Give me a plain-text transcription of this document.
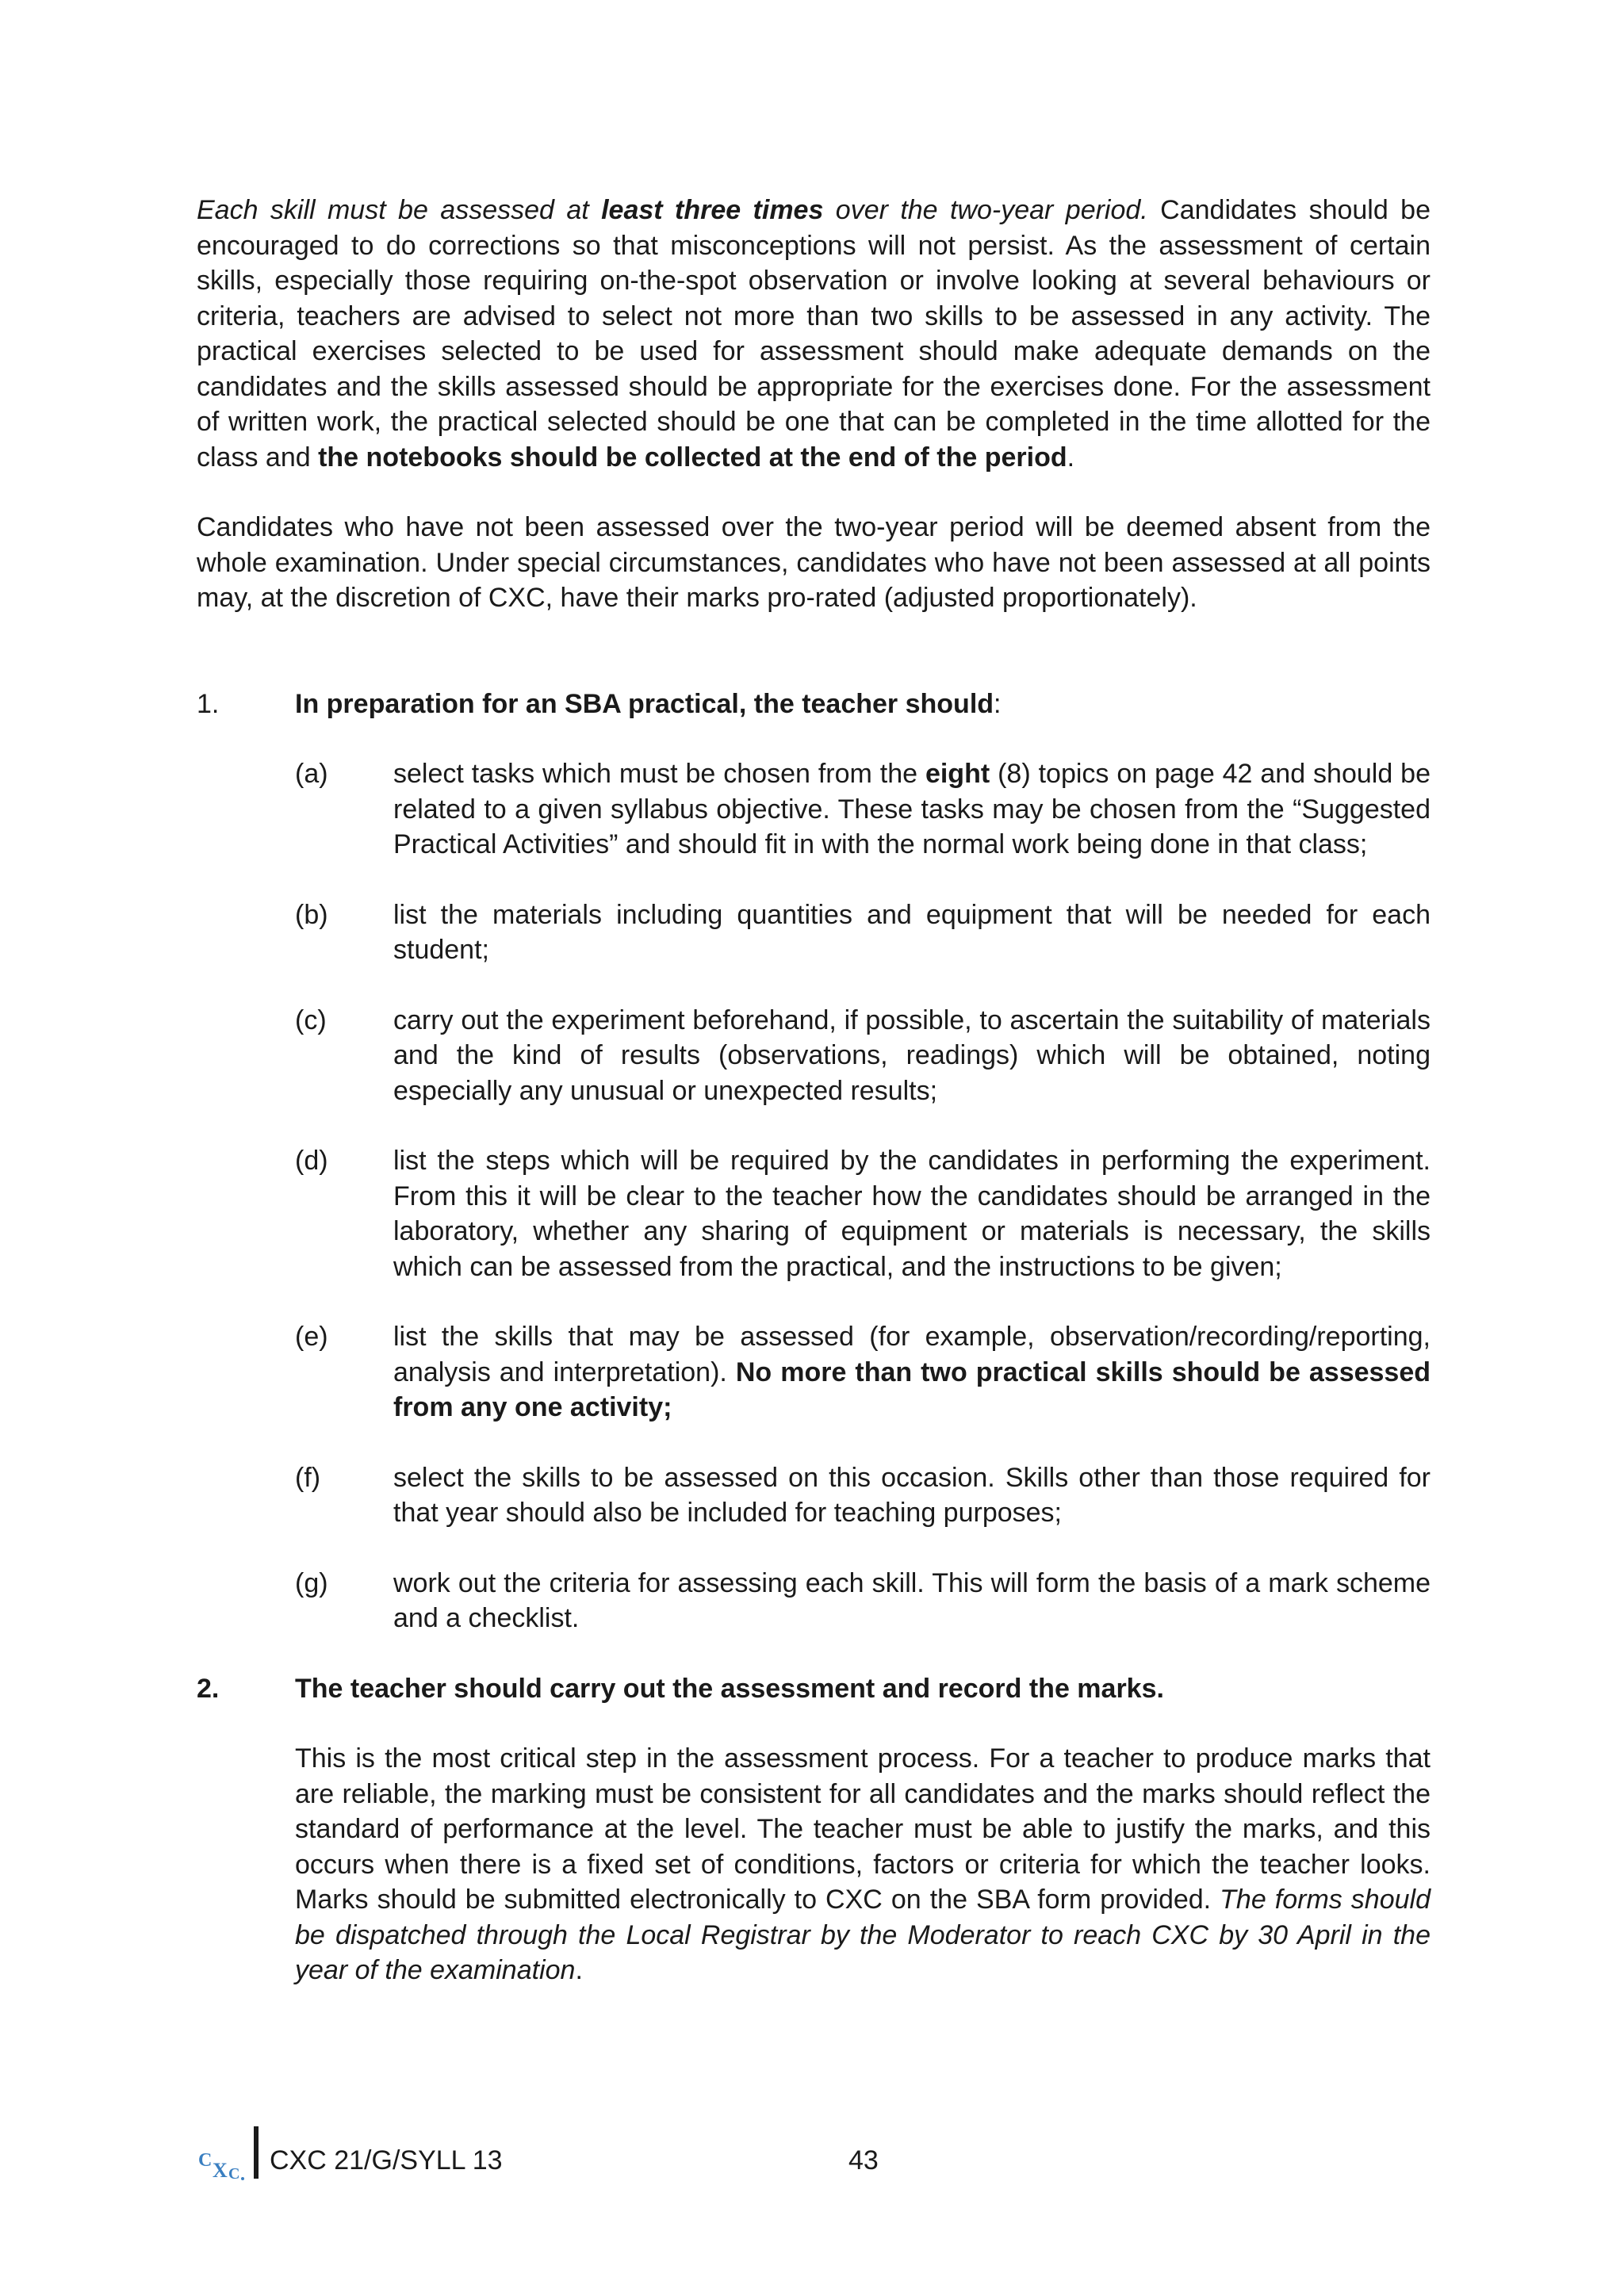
Each skill must be assessed at least three times over the two-year period. Candidates should be encouraged to do corrections so that misconceptions will not persist. As the assessment of certain skills, especially those requiring on-the-spot observation or involve looking at several behaviours or criteria, teachers are advised to select not more than two skills to be assessed in any activity. The practical exercises selected to be used for assessment should make adequate demands on the candidates and the skills assessed should be appropriate for the exercises done. For the assessment of written work, the practical selected should be one that can be completed in the time allotted for the class and the notebooks should be collected at the end of the period.

Candidates who have not been assessed over the two-year period will be deemed absent from the whole examination. Under special circumstances, candidates who have not been assessed at all points may, at the discretion of CXC, have their marks pro-rated (adjusted proportionately).

1.	In preparation for an SBA practical, the teacher should:
(a)	select tasks which must be chosen from the eight (8) topics on page 42 and should be related to a given syllabus objective. These tasks may be chosen from the “Suggested Practical Activities” and should fit in with the normal work being done in that class;
(b)	list the materials including quantities and equipment that will be needed for each student;
(c)	carry out the experiment beforehand, if possible, to ascertain the suitability of materials and the kind of results (observations, readings) which will be obtained, noting especially any unusual or unexpected results;
(d)	list the steps which will be required by the candidates in performing the experiment. From this it will be clear to the teacher how the candidates should be arranged in the laboratory, whether any sharing of equipment or materials is necessary, the skills which can be assessed from the practical, and the instructions to be given;
(e)	list the skills that may be assessed (for example, observation/recording/reporting, analysis and interpretation). No more than two practical skills should be assessed from any one activity;
(f)	select the skills to be assessed on this occasion. Skills other than those required for that year should also be included for teaching purposes;
(g)	work out the criteria for assessing each skill. This will form the basis of a mark scheme and a checklist.
2.	The teacher should carry out the assessment and record the marks.

This is the most critical step in the assessment process. For a teacher to produce marks that are reliable, the marking must be consistent for all candidates and the marks should reflect the standard of performance at the level. The teacher must be able to justify the marks, and this occurs when there is a fixed set of conditions, factors or criteria for which the teacher looks. Marks should be submitted electronically to CXC on the SBA form provided. The forms should be dispatched through the Local Registrar by the Moderator to reach CXC by 30 April in the year of the examination.

C X C CXC 21/G/SYLL 13	43
